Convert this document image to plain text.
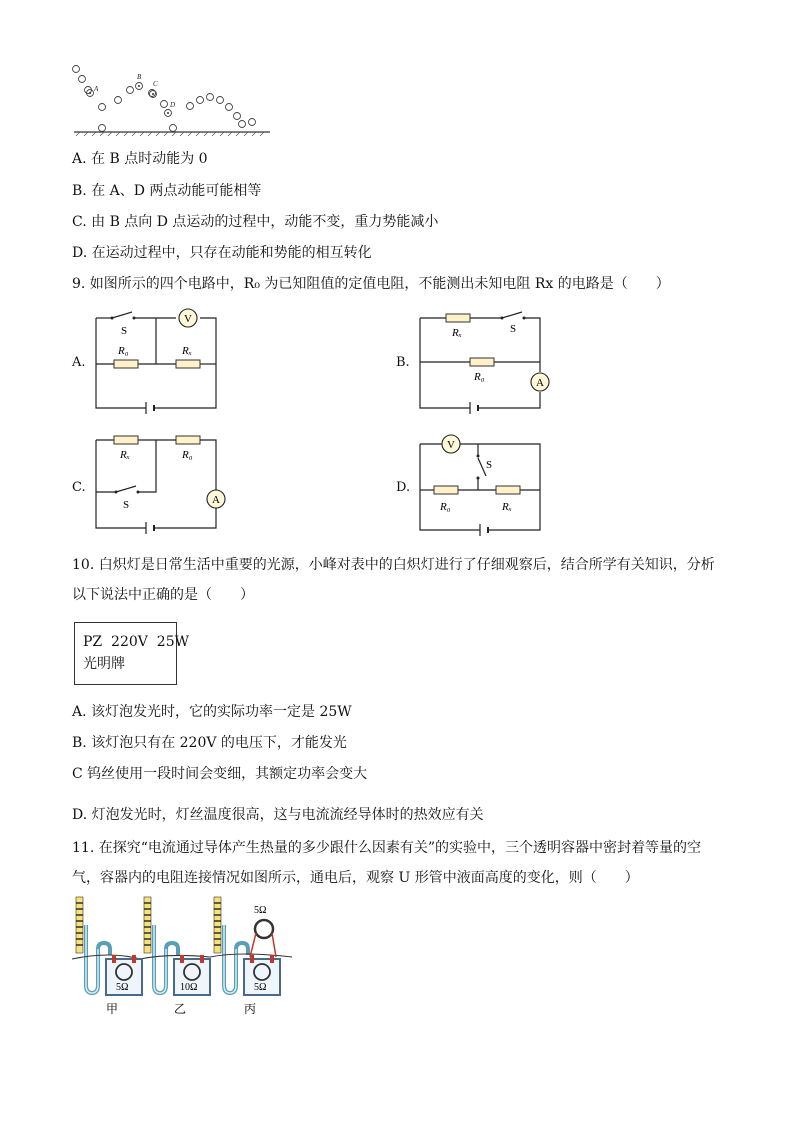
A
B
C
D
A. 在 B 点时动能为 0
B. 在 A、D 两点动能可能相等
C. 由 B 点向 D 点运动的过程中，动能不变，重力势能减小
D. 在运动过程中，只存在动能和势能的相互转化
9. 如图所示的四个电路中，R₀ 为已知阻值的定值电阻，不能测出未知电阻 Rx 的电路是（　　）
A.
V
S
R₀	Rₓ
B.
A
Rₓ	S
R₀
C.
A
Rₓ	R₀
S
D.
V
S
R₀	Rₓ
10. 白炽灯是日常生活中重要的光源，小峰对表中的白炽灯进行了仔细观察后，结合所学有关知识，分析以下说法中正确的是（　　）
PZ  220V  25W
光明牌
A. 该灯泡发光时，它的实际功率一定是 25W
B. 该灯泡只有在 220V 的电压下，才能发光
C 钨丝使用一段时间会变细，其额定功率会变大
D. 灯泡发光时，灯丝温度很高，这与电流流经导体时的热效应有关
11. 在探究“电流通过导体产生热量的多少跟什么因素有关”的实验中，三个透明容器中密封着等量的空气，容器内的电阻连接情况如图所示，通电后，观察 U 形管中液面高度的变化，则（　　）
5Ω
5Ω	10Ω	5Ω
甲	乙	丙
